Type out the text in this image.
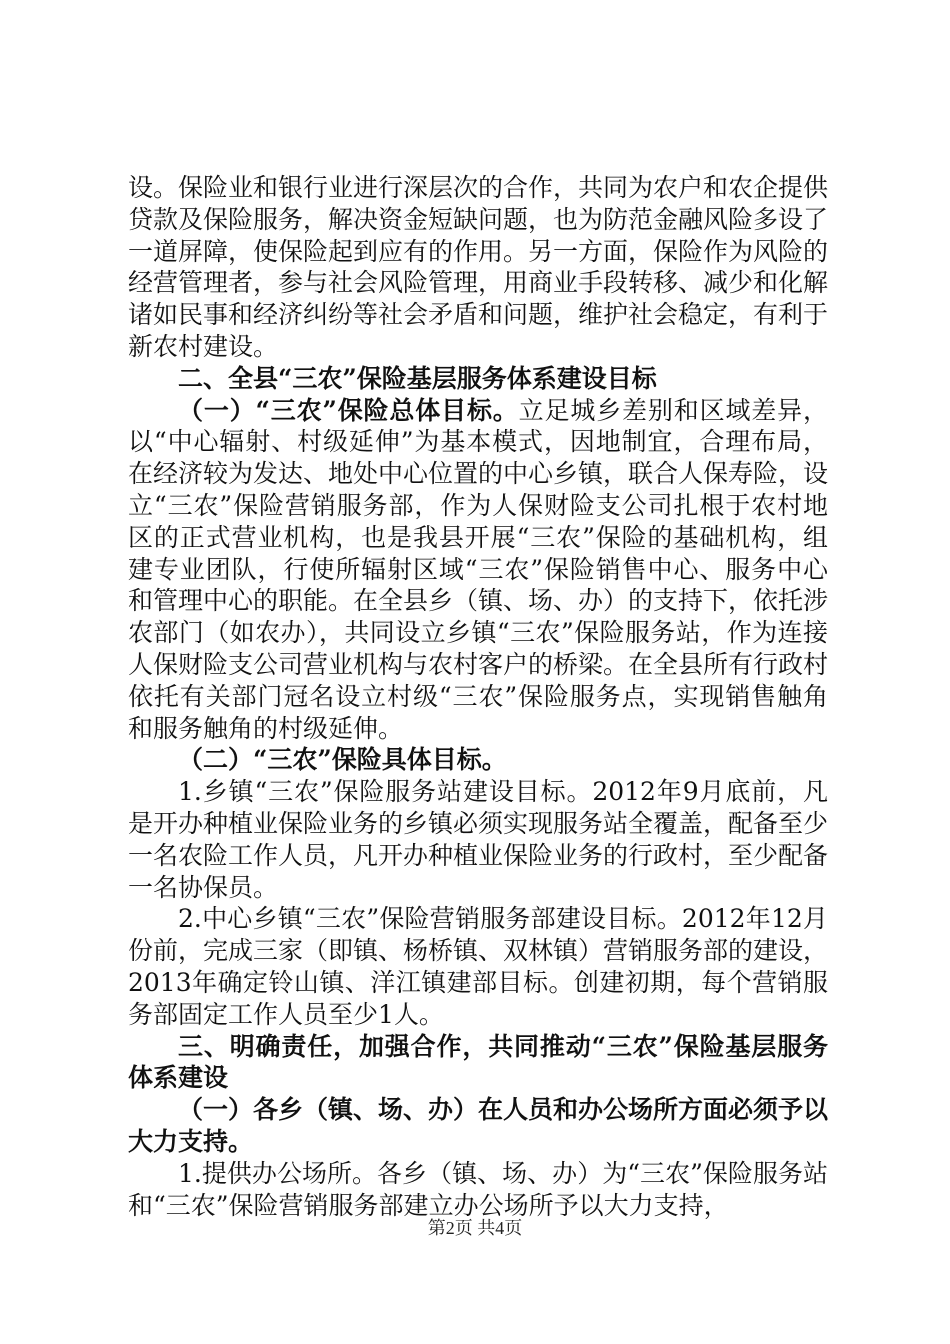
设。保险业和银行业进行深层次的合作，共同为农户和农企提供贷款及保险服务，解决资金短缺问题，也为防范金融风险多设了一道屏障，使保险起到应有的作用。另一方面，保险作为风险的经营管理者，参与社会风险管理，用商业手段转移、减少和化解诸如民事和经济纠纷等社会矛盾和问题，维护社会稳定，有利于新农村建设。

二、全县“三农”保险基层服务体系建设目标

（一）“三农”保险总体目标。立足城乡差别和区域差异，以“中心辐射、村级延伸”为基本模式，因地制宜，合理布局，在经济较为发达、地处中心位置的中心乡镇，联合人保寿险，设立“三农”保险营销服务部，作为人保财险支公司扎根于农村地区的正式营业机构，也是我县开展“三农”保险的基础机构，组建专业团队，行使所辐射区域“三农”保险销售中心、服务中心和管理中心的职能。在全县乡（镇、场、办）的支持下，依托涉农部门（如农办），共同设立乡镇“三农”保险服务站，作为连接人保财险支公司营业机构与农村客户的桥梁。在全县所有行政村依托有关部门冠名设立村级“三农”保险服务点，实现销售触角和服务触角的村级延伸。

（二）“三农”保险具体目标。

1.乡镇“三农”保险服务站建设目标。2012年9月底前，凡是开办种植业保险业务的乡镇必须实现服务站全覆盖，配备至少一名农险工作人员，凡开办种植业保险业务的行政村，至少配备一名协保员。

2.中心乡镇“三农”保险营销服务部建设目标。2012年12月份前，完成三家（即镇、杨桥镇、双林镇）营销服务部的建设，2013年确定铃山镇、洋江镇建部目标。创建初期，每个营销服务部固定工作人员至少1人。

三、明确责任，加强合作，共同推动“三农”保险基层服务体系建设

（一）各乡（镇、场、办）在人员和办公场所方面必须予以大力支持。

1.提供办公场所。各乡（镇、场、办）为“三农”保险服务站和“三农”保险营销服务部建立办公场所予以大力支持，

第2页 共4页
